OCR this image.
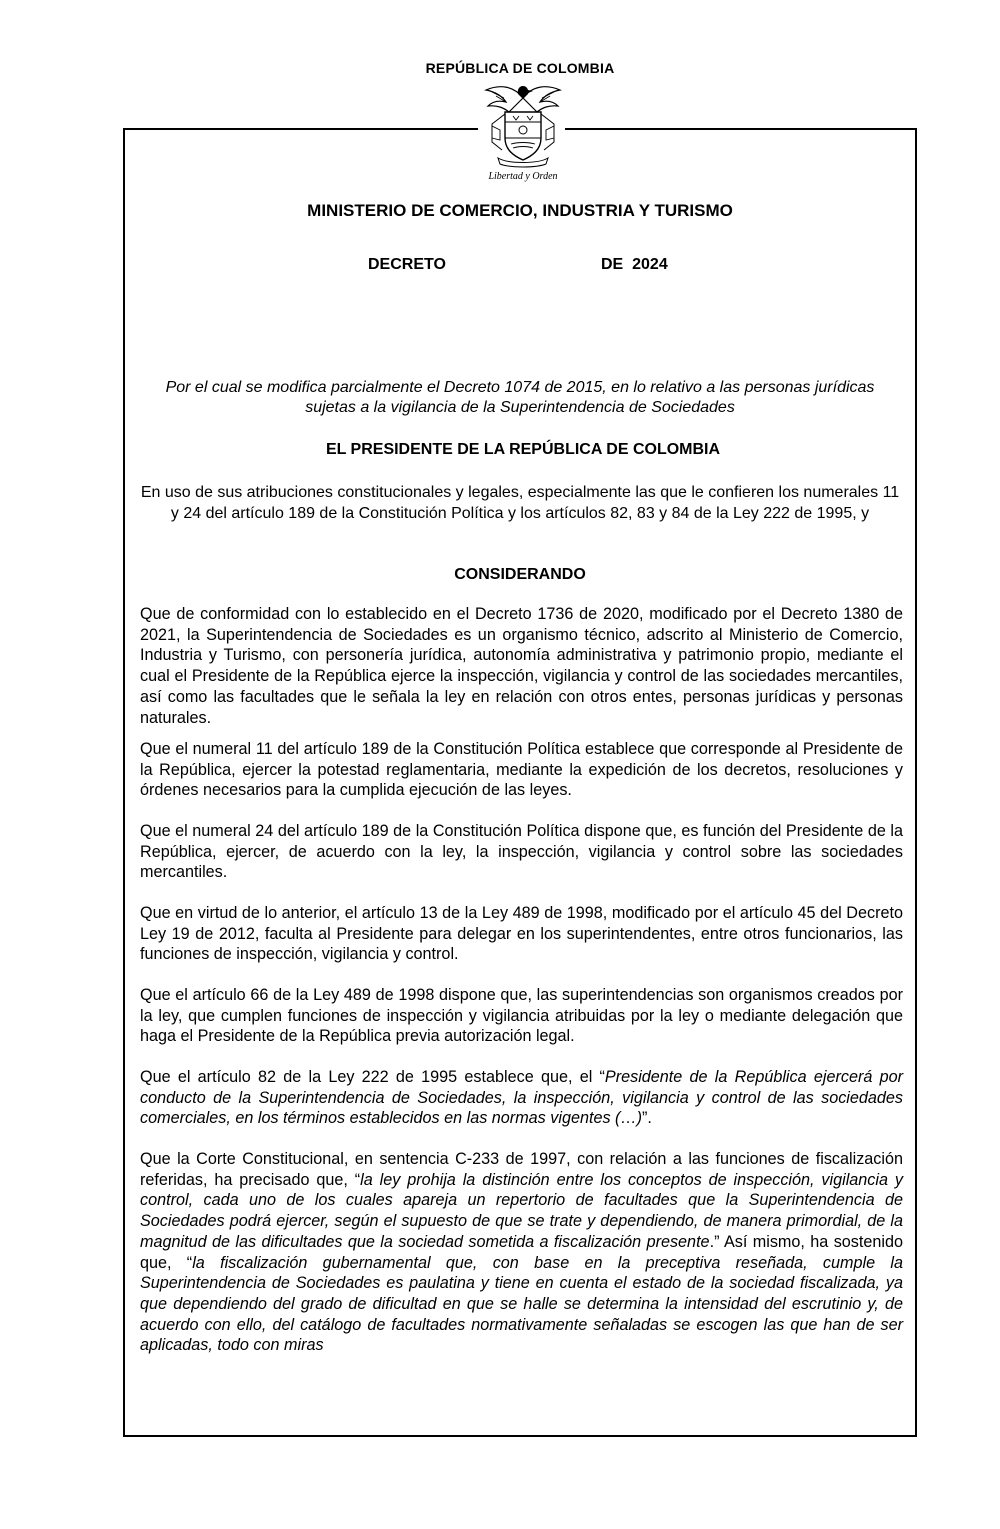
REPÚBLICA DE COLOMBIA
Libertad y Orden
MINISTERIO DE COMERCIO, INDUSTRIA Y TURISMO
DECRETO	DE  2024
Por el cual se modifica parcialmente el Decreto 1074 de 2015, en lo relativo a las personas jurídicas sujetas a la vigilancia de la Superintendencia de Sociedades
EL PRESIDENTE DE LA REPÚBLICA DE COLOMBIA
En uso de sus atribuciones constitucionales y legales, especialmente las que le confieren los numerales 11 y 24 del artículo 189 de la Constitución Política y los artículos 82, 83 y 84 de la Ley 222 de 1995, y
CONSIDERANDO

Que de conformidad con lo establecido en el Decreto 1736 de 2020, modificado por el Decreto 1380 de 2021, la Superintendencia de Sociedades es un organismo técnico, adscrito al Ministerio de Comercio, Industria y Turismo, con personería jurídica, autonomía administrativa y patrimonio propio, mediante el cual el Presidente de la República ejerce la inspección, vigilancia y control de las sociedades mercantiles, así como las facultades que le señala la ley en relación con otros entes, personas jurídicas y personas naturales.

Que el numeral 11 del artículo 189 de la Constitución Política establece que corresponde al Presidente de la República, ejercer la potestad reglamentaria, mediante la expedición de los decretos, resoluciones y órdenes necesarios para la cumplida ejecución de las leyes.

Que el numeral 24 del artículo 189 de la Constitución Política dispone que, es función del Presidente de la República, ejercer, de acuerdo con la ley, la inspección, vigilancia y control sobre las sociedades mercantiles.

Que en virtud de lo anterior, el artículo 13 de la Ley 489 de 1998, modificado por el artículo 45 del Decreto Ley 19 de 2012, faculta al Presidente para delegar en los superintendentes, entre otros funcionarios, las funciones de inspección, vigilancia y control.

Que el artículo 66 de la Ley 489 de 1998 dispone que, las superintendencias son organismos creados por la ley, que cumplen funciones de inspección y vigilancia atribuidas por la ley o mediante delegación que haga el Presidente de la República previa autorización legal.

Que el artículo 82 de la Ley 222 de 1995 establece que, el “Presidente de la República ejercerá por conducto de la Superintendencia de Sociedades, la inspección, vigilancia y control de las sociedades comerciales, en los términos establecidos en las normas vigentes (…)”.

Que la Corte Constitucional, en sentencia C-233 de 1997, con relación a las funciones de fiscalización referidas, ha precisado que, “la ley prohija la distinción entre los conceptos de inspección, vigilancia y control, cada uno de los cuales apareja un repertorio de facultades que la Superintendencia de Sociedades podrá ejercer, según el supuesto de que se trate y dependiendo, de manera primordial, de la magnitud de las dificultades que la sociedad sometida a fiscalización presente.” Así mismo, ha sostenido que, “la fiscalización gubernamental que, con base en la preceptiva reseñada, cumple la Superintendencia de Sociedades es paulatina y tiene en cuenta el estado de la sociedad fiscalizada, ya que dependiendo del grado de dificultad en que se halle se determina la intensidad del escrutinio y, de acuerdo con ello, del catálogo de facultades normativamente señaladas se escogen las que han de ser aplicadas, todo con miras
